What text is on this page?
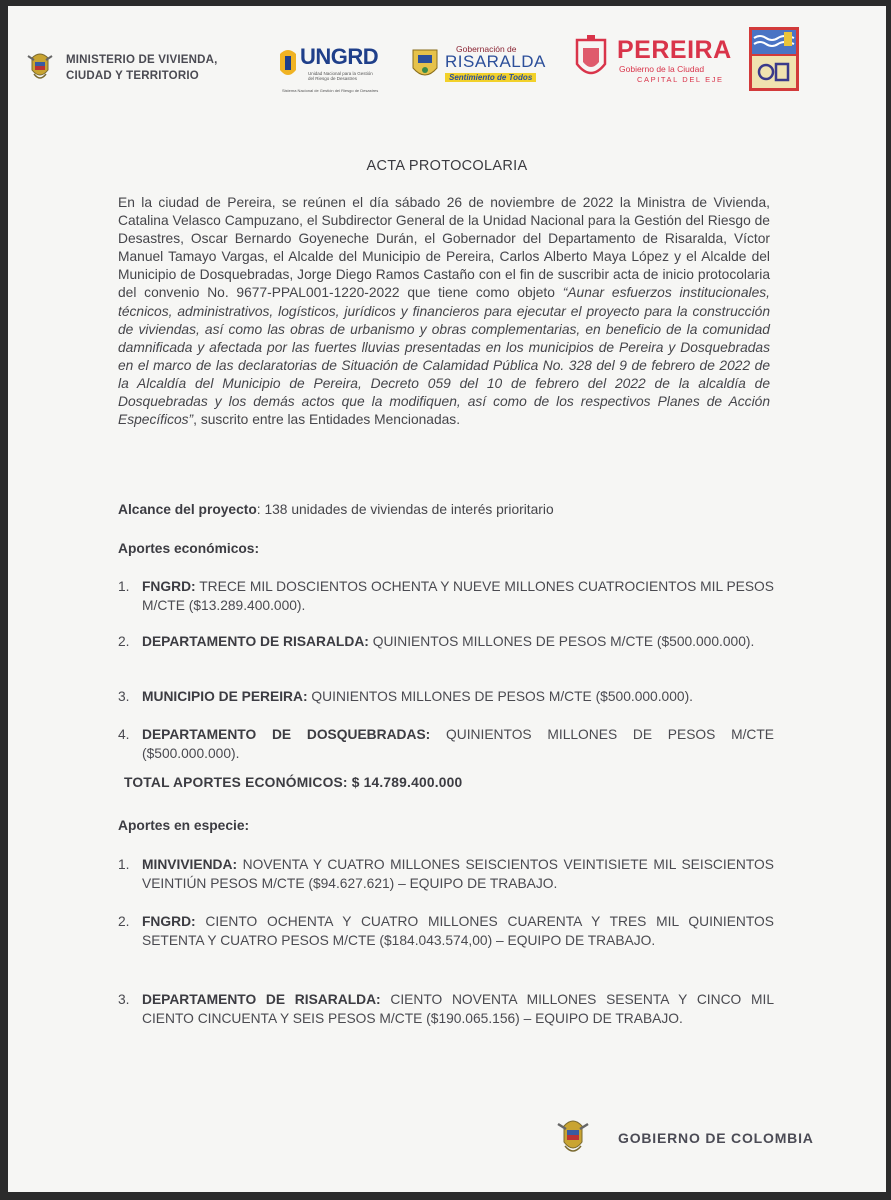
MINISTERIO DE VIVIENDA,
CIUDAD Y TERRITORIO
UNGRD
Unidad Nacional para la Gestión del Riesgo de Desastres
Sistema Nacional de Gestión del Riesgo de Desastres
Gobernación de
RISARALDA
Sentimiento de Todos
PEREIRA
Gobierno de la Ciudad
CAPITAL DEL EJE
ACTA PROTOCOLARIA
En la ciudad de Pereira, se reúnen el día sábado 26 de noviembre de 2022 la Ministra de Vivienda, Catalina Velasco Campuzano, el Subdirector General de la Unidad Nacional para la Gestión del Riesgo de Desastres, Oscar Bernardo Goyeneche Durán, el Gobernador del Departamento de Risaralda, Víctor Manuel Tamayo Vargas, el Alcalde del Municipio de Pereira, Carlos Alberto Maya López y el Alcalde del Municipio de Dosquebradas, Jorge Diego Ramos Castaño con el fin de suscribir acta de inicio protocolaria del convenio No. 9677-PPAL001-1220-2022 que tiene como objeto “Aunar esfuerzos institucionales, técnicos, administrativos, logísticos, jurídicos y financieros para ejecutar el proyecto para la construcción de viviendas, así como las obras de urbanismo y obras complementarias, en beneficio de la comunidad damnificada y afectada por las fuertes lluvias presentadas en los municipios de Pereira y Dosquebradas en el marco de las declaratorias de Situación de Calamidad Pública No. 328 del 9 de febrero de 2022 de la Alcaldía del Municipio de Pereira, Decreto 059 del 10 de febrero del 2022 de la alcaldía de Dosquebradas y los demás actos que la modifiquen, así como de los respectivos Planes de Acción Específicos”, suscrito entre las Entidades Mencionadas.
Alcance del proyecto: 138 unidades de viviendas de interés prioritario
Aportes económicos:
1. FNGRD: TRECE MIL DOSCIENTOS OCHENTA Y NUEVE MILLONES CUATROCIENTOS MIL PESOS M/CTE ($13.289.400.000).
2. DEPARTAMENTO DE RISARALDA: QUINIENTOS MILLONES DE PESOS M/CTE ($500.000.000).
3. MUNICIPIO DE PEREIRA: QUINIENTOS MILLONES DE PESOS M/CTE ($500.000.000).
4. DEPARTAMENTO DE DOSQUEBRADAS: QUINIENTOS MILLONES DE PESOS M/CTE ($500.000.000).
TOTAL APORTES ECONÓMICOS: $ 14.789.400.000
Aportes en especie:
1. MINVIVIENDA: NOVENTA Y CUATRO MILLONES SEISCIENTOS VEINTISIETE MIL SEISCIENTOS VEINTIÚN PESOS M/CTE ($94.627.621) – EQUIPO DE TRABAJO.
2. FNGRD: CIENTO OCHENTA Y CUATRO MILLONES CUARENTA Y TRES MIL QUINIENTOS SETENTA Y CUATRO PESOS M/CTE ($184.043.574,00) – EQUIPO DE TRABAJO.
3. DEPARTAMENTO DE RISARALDA: CIENTO NOVENTA MILLONES SESENTA Y CINCO MIL CIENTO CINCUENTA Y SEIS PESOS M/CTE ($190.065.156) – EQUIPO DE TRABAJO.
GOBIERNO DE COLOMBIA
